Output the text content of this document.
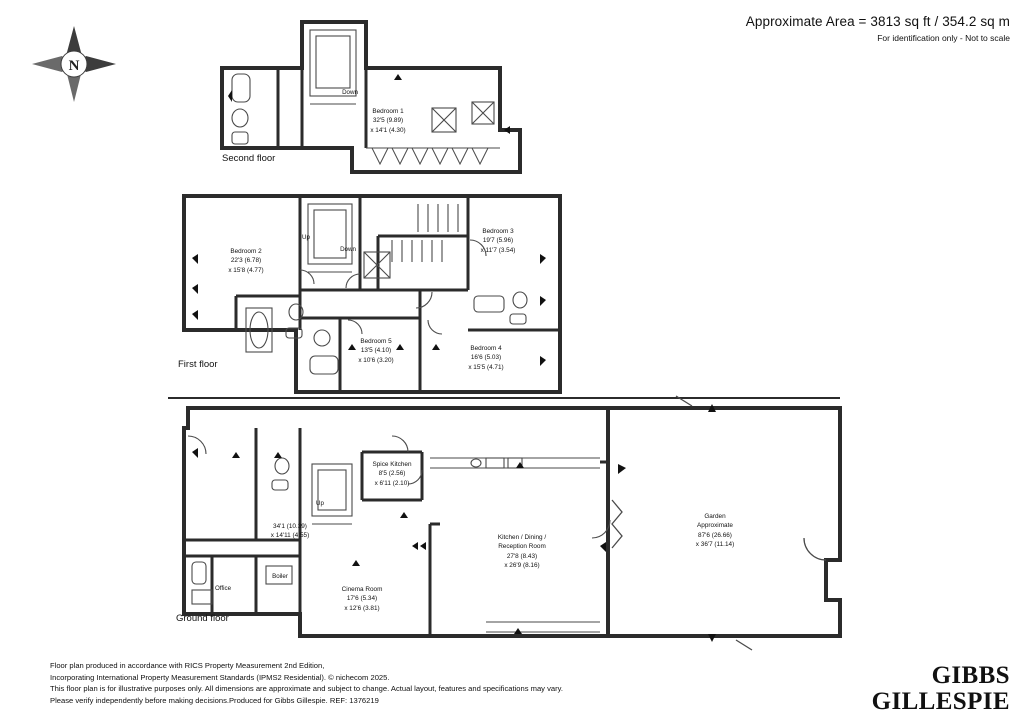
Approximate Area = 3813 sq ft / 354.2 sq m
For identification only - Not to scale
N
Second floor
First floor
Ground floor
Bedroom 1
32'5 (9.89)
x 14'1 (4.30)
Down
Bedroom 2
22'3 (6.78)
x 15'8 (4.77)
Bedroom 3
19'7 (5.96)
x 11'7 (3.54)
Bedroom 4
16'6 (5.03)
x 15'5 (4.71)
Bedroom 5
13'5 (4.10)
x 10'6 (3.20)
Up
Down
Spice Kitchen
8'5 (2.56)
x 6'11 (2.10)
34'1 (10.39)
x 14'11 (4.55)	Kitchen / Dining /
Reception Room
27'8 (8.43)
x 26'9 (8.16)
Cinema Room
17'6 (5.34)
x 12'6 (3.81)
Garden
Approximate
87'6 (26.66)
x 36'7 (11.14)
Office
Boiler
Up
Floor plan produced in accordance with RICS Property Measurement 2nd Edition,
Incorporating International Property Measurement Standards (IPMS2 Residential). © nichecom 2025.
This floor plan is for illustrative purposes only. All dimensions are approximate and subject to change. Actual layout, features and specifications may vary.
Please verify independently before making decisions.Produced for Gibbs Gillespie. REF: 1376219
GIBBS
GILLESPIE
